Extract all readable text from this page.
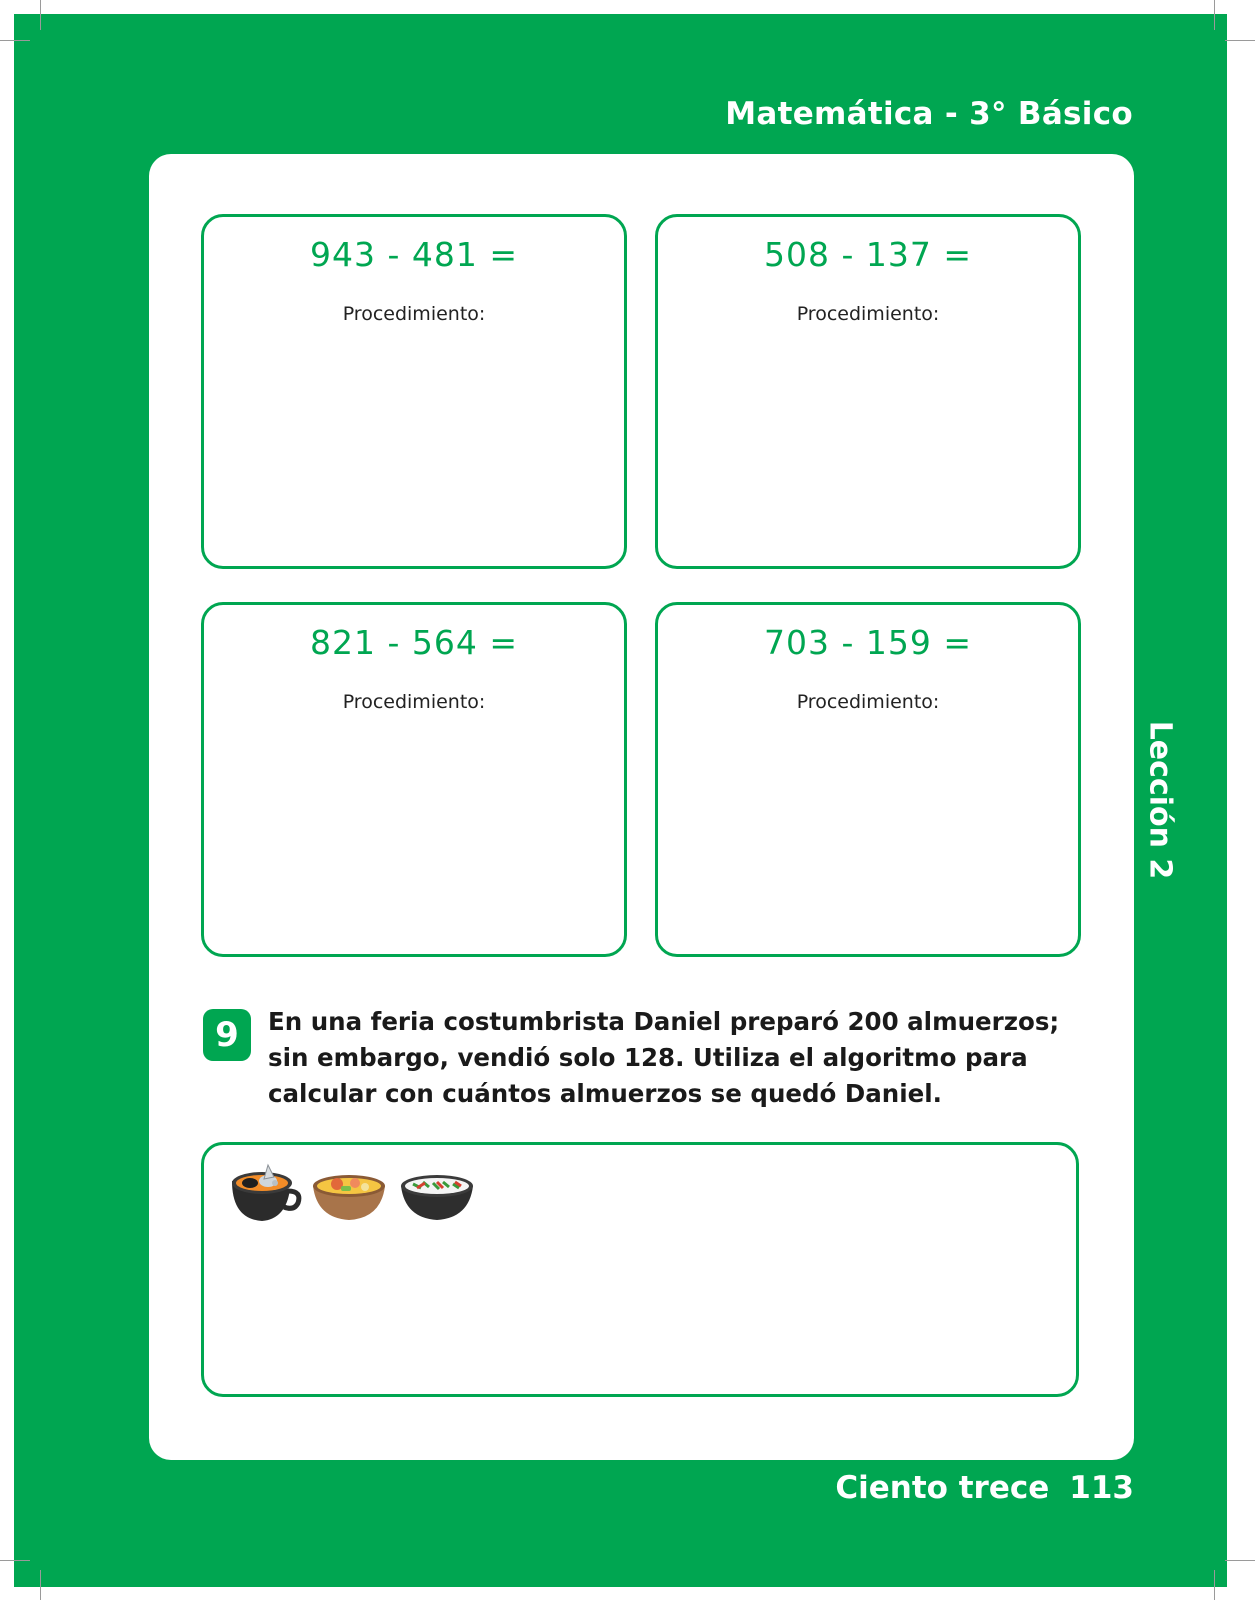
Matemática - 3° Básico
Lección 2
943 - 481 =
Procedimiento:
508 - 137 =
Procedimiento:
821 - 564 =
Procedimiento:
703 - 159 =
Procedimiento:
9	En una feria costumbrista Daniel preparó 200 almuerzos;
sin embargo, vendió solo 128. Utiliza el algoritmo para
calcular con cuántos almuerzos se quedó Daniel.
Ciento trece 113
